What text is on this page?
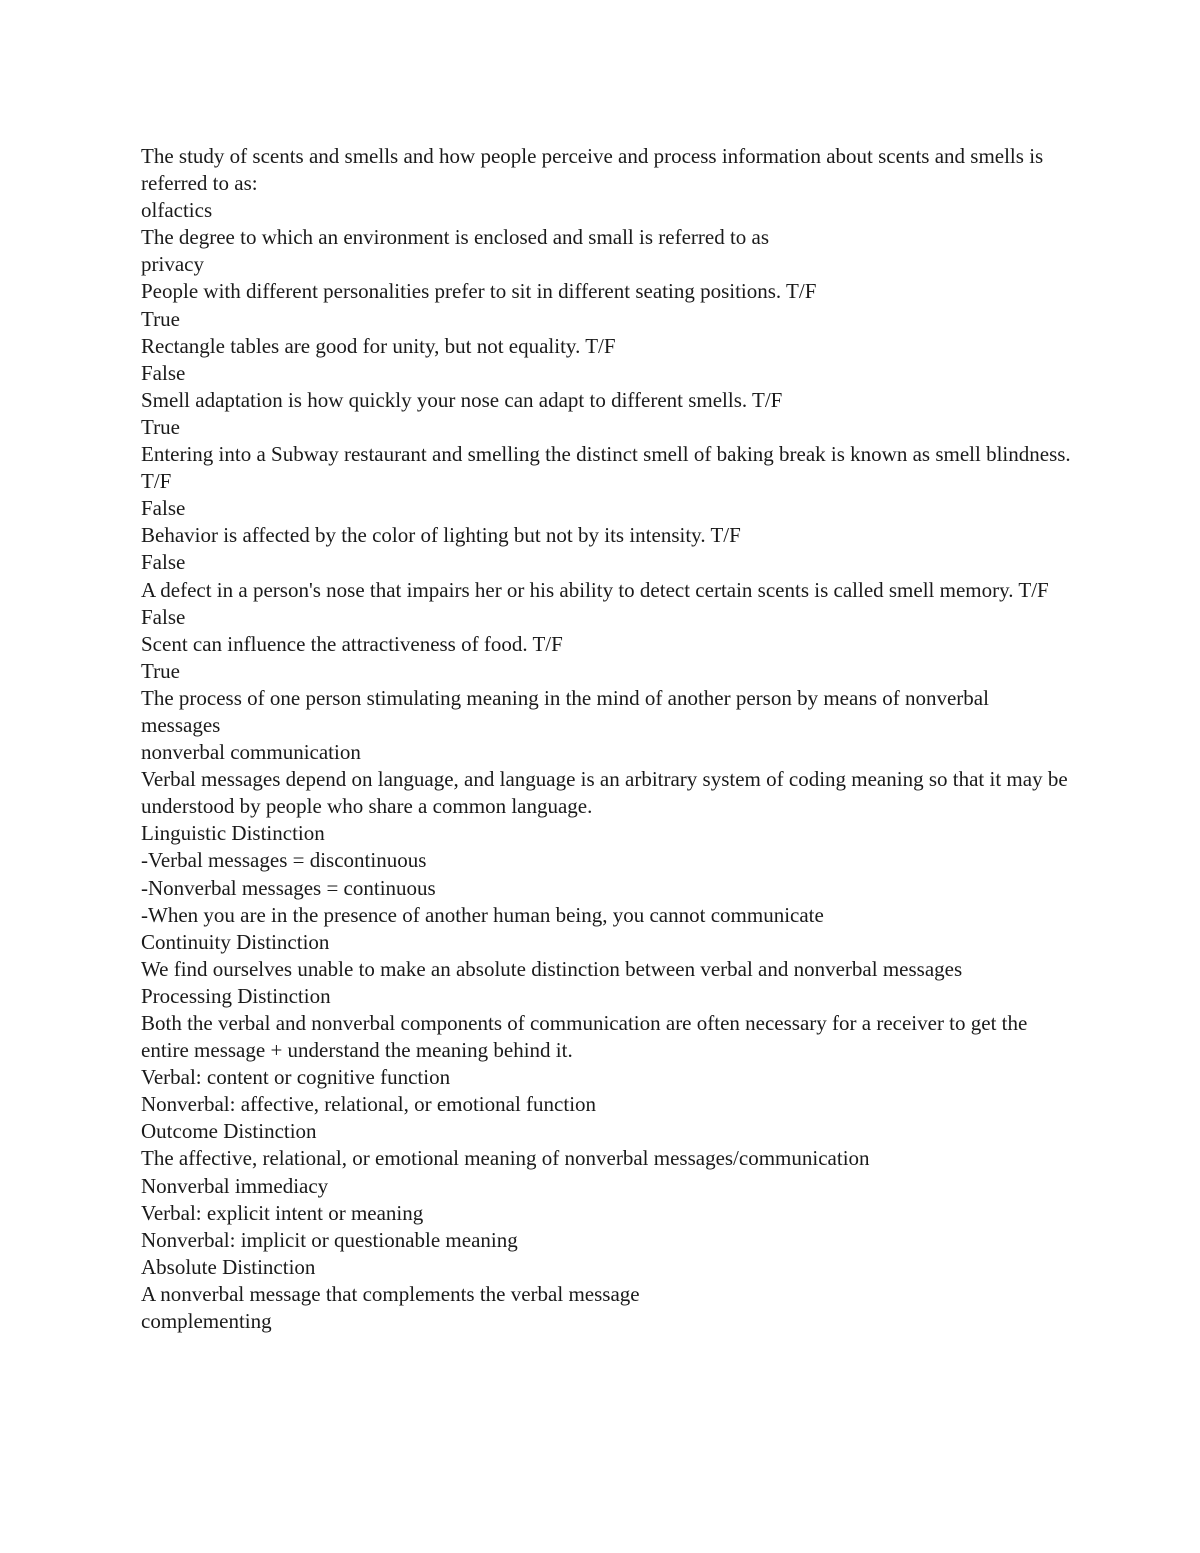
The study of scents and smells and how people perceive and process information about scents and smells is referred to as:
olfactics
The degree to which an environment is enclosed and small is referred to as
privacy
People with different personalities prefer to sit in different seating positions. T/F
True
Rectangle tables are good for unity, but not equality. T/F
False
Smell adaptation is how quickly your nose can adapt to different smells. T/F
True
Entering into a Subway restaurant and smelling the distinct smell of baking break is known as smell blindness. T/F
False
Behavior is affected by the color of lighting but not by its intensity. T/F
False
A defect in a person's nose that impairs her or his ability to detect certain scents is called smell memory. T/F
False
Scent can influence the attractiveness of food. T/F
True
The process of one person stimulating meaning in the mind of another person by means of nonverbal messages
nonverbal communication
Verbal messages depend on language, and language is an arbitrary system of coding meaning so that it may be understood by people who share a common language.
Linguistic Distinction
-Verbal messages = discontinuous
-Nonverbal messages = continuous
-When you are in the presence of another human being, you cannot communicate
Continuity Distinction
We find ourselves unable to make an absolute distinction between verbal and nonverbal messages
Processing Distinction
Both the verbal and nonverbal components of communication are often necessary for a receiver to get the entire message + understand the meaning behind it.
Verbal: content or cognitive function
Nonverbal: affective, relational, or emotional function
Outcome Distinction
The affective, relational, or emotional meaning of nonverbal messages/communication
Nonverbal immediacy
Verbal: explicit intent or meaning
Nonverbal: implicit or questionable meaning
Absolute Distinction
A nonverbal message that complements the verbal message
complementing
